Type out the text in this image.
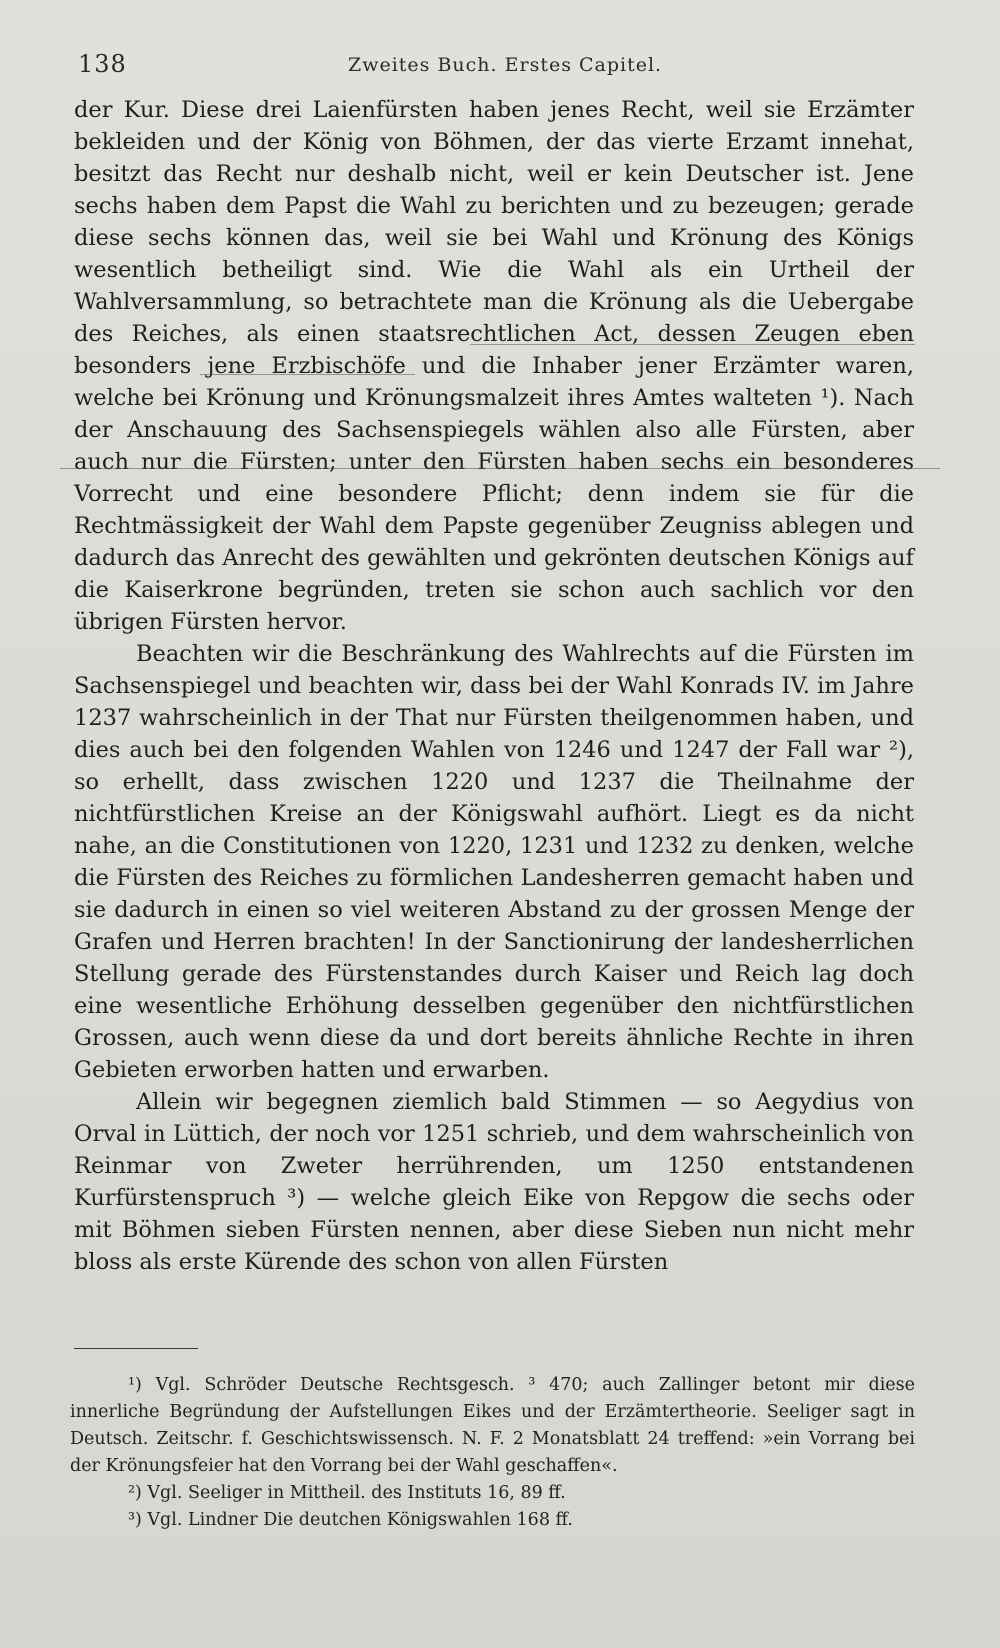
138	Zweites Buch. Erstes Capitel.

der Kur. Diese drei Laienfürsten haben jenes Recht, weil sie Erzämter bekleiden und der König von Böhmen, der das vierte Erzamt innehat, besitzt das Recht nur deshalb nicht, weil er kein Deutscher ist. Jene sechs haben dem Papst die Wahl zu berichten und zu bezeugen; gerade diese sechs können das, weil sie bei Wahl und Krönung des Königs wesentlich betheiligt sind. Wie die Wahl als ein Urtheil der Wahlversammlung, so betrachtete man die Krönung als die Uebergabe des Reiches, als einen staatsrechtlichen Act, dessen Zeugen eben besonders jene Erzbischöfe und die Inhaber jener Erzämter waren, welche bei Krönung und Krönungsmalzeit ihres Amtes walteten ¹). Nach der Anschauung des Sachsenspiegels wählen also alle Fürsten, aber auch nur die Fürsten; unter den Fürsten haben sechs ein besonderes Vorrecht und eine besondere Pflicht; denn indem sie für die Rechtmässigkeit der Wahl dem Papste gegenüber Zeugniss ablegen und dadurch das Anrecht des gewählten und gekrönten deutschen Königs auf die Kaiserkrone begründen, treten sie schon auch sachlich vor den übrigen Fürsten hervor.

Beachten wir die Beschränkung des Wahlrechts auf die Fürsten im Sachsenspiegel und beachten wir, dass bei der Wahl Konrads IV. im Jahre 1237 wahrscheinlich in der That nur Fürsten theilgenommen haben, und dies auch bei den folgenden Wahlen von 1246 und 1247 der Fall war ²), so erhellt, dass zwischen 1220 und 1237 die Theilnahme der nichtfürstlichen Kreise an der Königswahl aufhört. Liegt es da nicht nahe, an die Constitutionen von 1220, 1231 und 1232 zu denken, welche die Fürsten des Reiches zu förmlichen Landesherren gemacht haben und sie dadurch in einen so viel weiteren Abstand zu der grossen Menge der Grafen und Herren brachten! In der Sanctionirung der landesherrlichen Stellung gerade des Fürstenstandes durch Kaiser und Reich lag doch eine wesentliche Erhöhung desselben gegenüber den nichtfürstlichen Grossen, auch wenn diese da und dort bereits ähnliche Rechte in ihren Gebieten erworben hatten und erwarben.

Allein wir begegnen ziemlich bald Stimmen — so Aegydius von Orval in Lüttich, der noch vor 1251 schrieb, und dem wahrscheinlich von Reinmar von Zweter herrührenden, um 1250 entstandenen Kurfürstenspruch ³) — welche gleich Eike von Repgow die sechs oder mit Böhmen sieben Fürsten nennen, aber diese Sieben nun nicht mehr bloss als erste Kürende des schon von allen Fürsten

¹) Vgl. Schröder Deutsche Rechtsgesch. ³ 470; auch Zallinger betont mir diese innerliche Begründung der Aufstellungen Eikes und der Erzämtertheorie. Seeliger sagt in Deutsch. Zeitschr. f. Geschichtswissensch. N. F. 2 Monatsblatt 24 treffend: »ein Vorrang bei der Krönungsfeier hat den Vorrang bei der Wahl geschaffen«.

²) Vgl. Seeliger in Mittheil. des Instituts 16, 89 ff.

³) Vgl. Lindner Die deutchen Königswahlen 168 ff.
